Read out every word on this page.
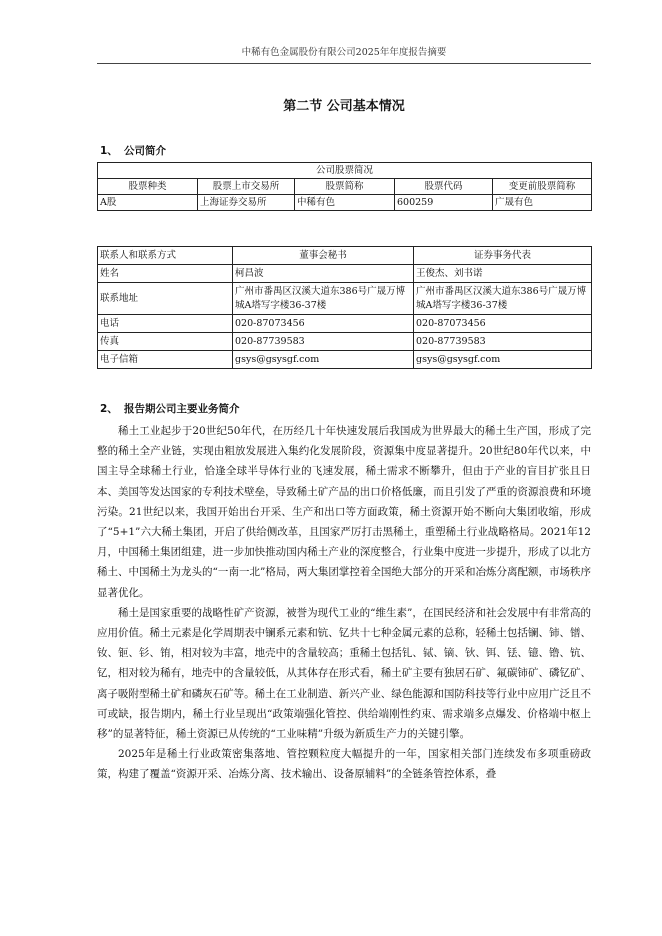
中稀有色金属股份有限公司2025年年度报告摘要
第二节 公司基本情况
1、 公司简介
公司股票简况				
股票种类	股票上市交易所	股票简称	股票代码	变更前股票简称
A股	上海证券交易所	中稀有色	600259	广晟有色
联系人和联系方式	董事会秘书	证券事务代表
姓名	柯昌波	王俊杰、刘书诺
联系地址	广州市番禺区汉溪大道东386号广晟万博城A塔写字楼36-37楼	广州市番禺区汉溪大道东386号广晟万博城A塔写字楼36-37楼
电话	020-87073456	020-87073456
传真	020-87739583	020-87739583
电子信箱	gsys@gsysgf.com	gsys@gsysgf.com
2、 报告期公司主要业务简介

稀土工业起步于20世纪50年代，在历经几十年快速发展后我国成为世界最大的稀土生产国，形成了完整的稀土全产业链，实现由粗放发展进入集约化发展阶段，资源集中度显著提升。20世纪80年代以来，中国主导全球稀土行业，恰逢全球半导体行业的飞速发展，稀土需求不断攀升，但由于产业的盲目扩张且日本、美国等发达国家的专利技术壁垒，导致稀土矿产品的出口价格低廉，而且引发了严重的资源浪费和环境污染。21世纪以来，我国开始出台开采、生产和出口等方面政策，稀土资源开始不断向大集团收缩，形成了“5+1”六大稀土集团，开启了供给侧改革，且国家严厉打击黑稀土，重塑稀土行业战略格局。2021年12月，中国稀土集团组建，进一步加快推动国内稀土产业的深度整合，行业集中度进一步提升，形成了以北方稀土、中国稀土为龙头的“一南一北”格局，两大集团掌控着全国绝大部分的开采和冶炼分离配额，市场秩序显著优化。

稀土是国家重要的战略性矿产资源，被誉为现代工业的“维生素”，在国民经济和社会发展中有非常高的应用价值。稀土元素是化学周期表中镧系元素和钪、钇共十七种金属元素的总称，轻稀土包括镧、铈、镨、钕、钷、钐、铕，相对较为丰富，地壳中的含量较高；重稀土包括钆、铽、镝、钬、铒、铥、镱、镥、钪、钇，相对较为稀有，地壳中的含量较低，从其体存在形式看，稀土矿主要有独居石矿、氟碳铈矿、磷钇矿、离子吸附型稀土矿和磷灰石矿等。稀土在工业制造、新兴产业、绿色能源和国防科技等行业中应用广泛且不可或缺，报告期内，稀土行业呈现出“政策端强化管控、供给端刚性约束、需求端多点爆发、价格端中枢上移”的显著特征，稀土资源已从传统的“工业味精”升级为新质生产力的关键引擎。

2025年是稀土行业政策密集落地、管控颗粒度大幅提升的一年，国家相关部门连续发布多项重磅政策，构建了覆盖“资源开采、冶炼分离、技术输出、设备原辅料”的全链条管控体系，叠
